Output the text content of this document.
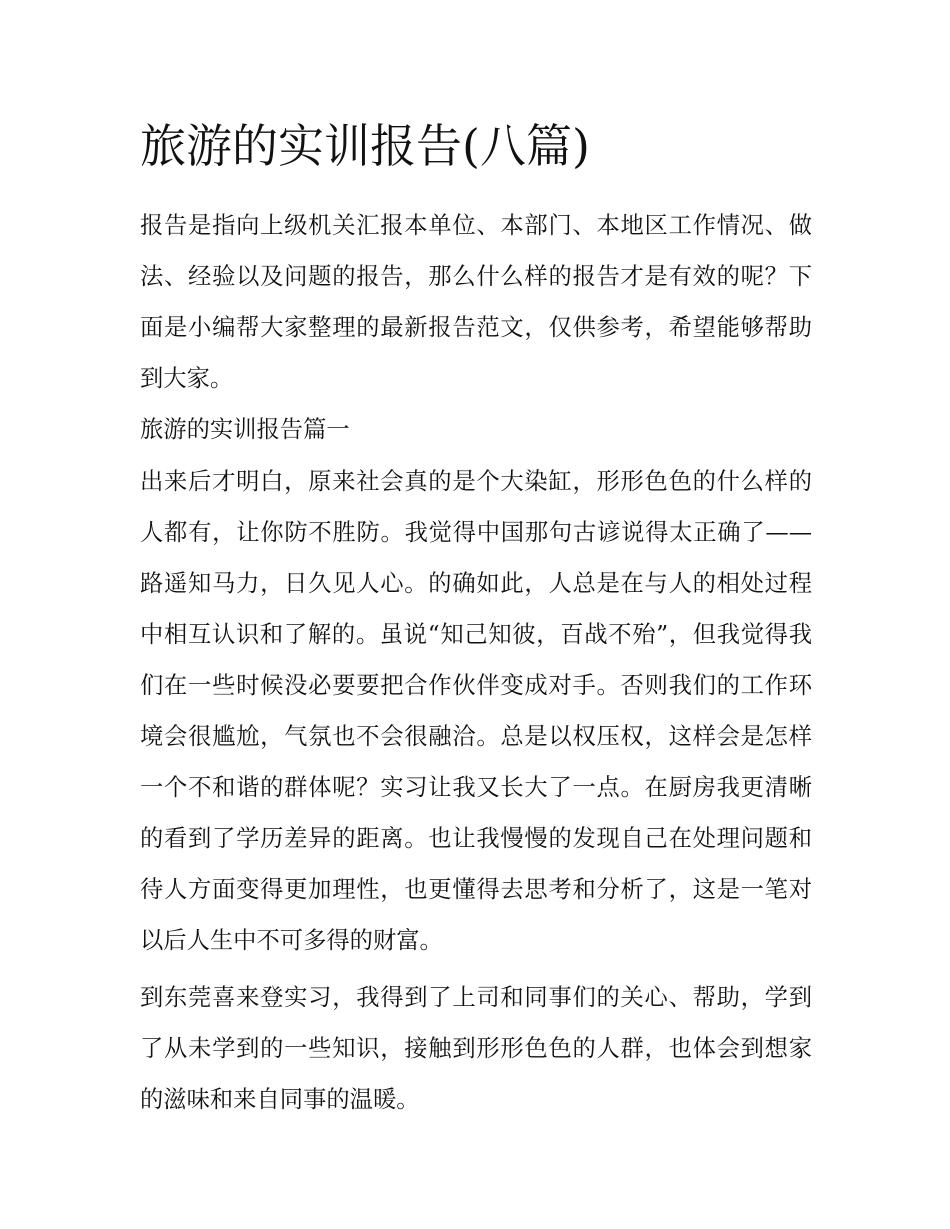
旅游的实训报告(八篇)

报告是指向上级机关汇报本单位、本部门、本地区工作情况、做法、经验以及问题的报告，那么什么样的报告才是有效的呢？下面是小编帮大家整理的最新报告范文，仅供参考，希望能够帮助到大家。

旅游的实训报告篇一

出来后才明白，原来社会真的是个大染缸，形形色色的什么样的人都有，让你防不胜防。我觉得中国那句古谚说得太正确了——路遥知马力，日久见人心。的确如此，人总是在与人的相处过程中相互认识和了解的。虽说“知己知彼，百战不殆”，但我觉得我们在一些时候没必要要把合作伙伴变成对手。否则我们的工作环境会很尴尬，气氛也不会很融洽。总是以权压权，这样会是怎样一个不和谐的群体呢？实习让我又长大了一点。在厨房我更清晰的看到了学历差异的距离。也让我慢慢的发现自己在处理问题和待人方面变得更加理性，也更懂得去思考和分析了，这是一笔对以后人生中不可多得的财富。

到东莞喜来登实习，我得到了上司和同事们的关心、帮助，学到了从未学到的一些知识，接触到形形色色的人群，也体会到想家的滋味和来自同事的温暖。
